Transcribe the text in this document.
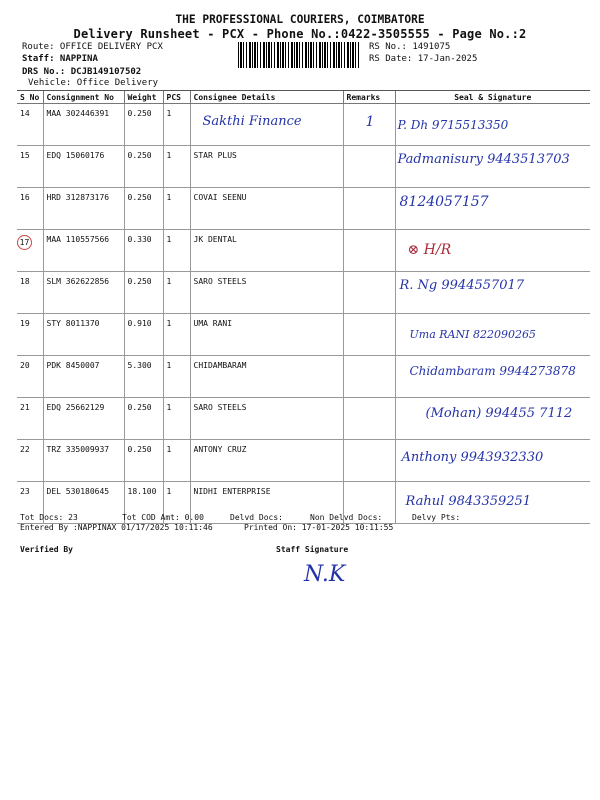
THE PROFESSIONAL COURIERS, COIMBATORE
Delivery Runsheet - PCX - Phone No.:0422-3505555 - Page No.:2
Route: OFFICE DELIVERY PCX
Staff: NAPPINA
DRS No.: DCJB149107502
Vehicle: Office Delivery
RS No.: 1491075
RS Date: 17-Jan-2025
S No	Consignment No	Weight	PCS	Consignee Details	Remarks	Seal & Signature
14	MAA 302446391	0.250	1	Sakthi Finance	1	P. Dh 9715513350

15	EDQ 15060176	0.250	1	STAR PLUS		Padmanisury 9443513703

16	HRD 312873176	0.250	1	COVAI SEENU		8124057157

17	MAA 110557566	0.330	1	JK DENTAL		⊗ H/R

18	SLM 362622856	0.250	1	SARO STEELS		R. Ng 9944557017

19	STY 8011370	0.910	1	UMA RANI		Uma RANI 822090265

20	PDK 8450007	5.300	1	CHIDAMBARAM		Chidambaram 9944273878

21	EDQ 25662129	0.250	1	SARO STEELS		(Mohan) 994455 7112

22	TRZ 335009937	0.250	1	ANTONY CRUZ		Anthony 9943932330

23	DEL 530180645	18.100	1	NIDHI ENTERPRISE		Rahul 9843359251
Tot Docs: 23	Tot COD Amt: 0.00	Delvd Docs:	Non Delvd Docs:	Delvy Pts:
Entered By :NAPPINAX 01/17/2025 10:11:46	Printed On: 17-01-2025 10:11:55
Verified By	Staff Signature
N.K
